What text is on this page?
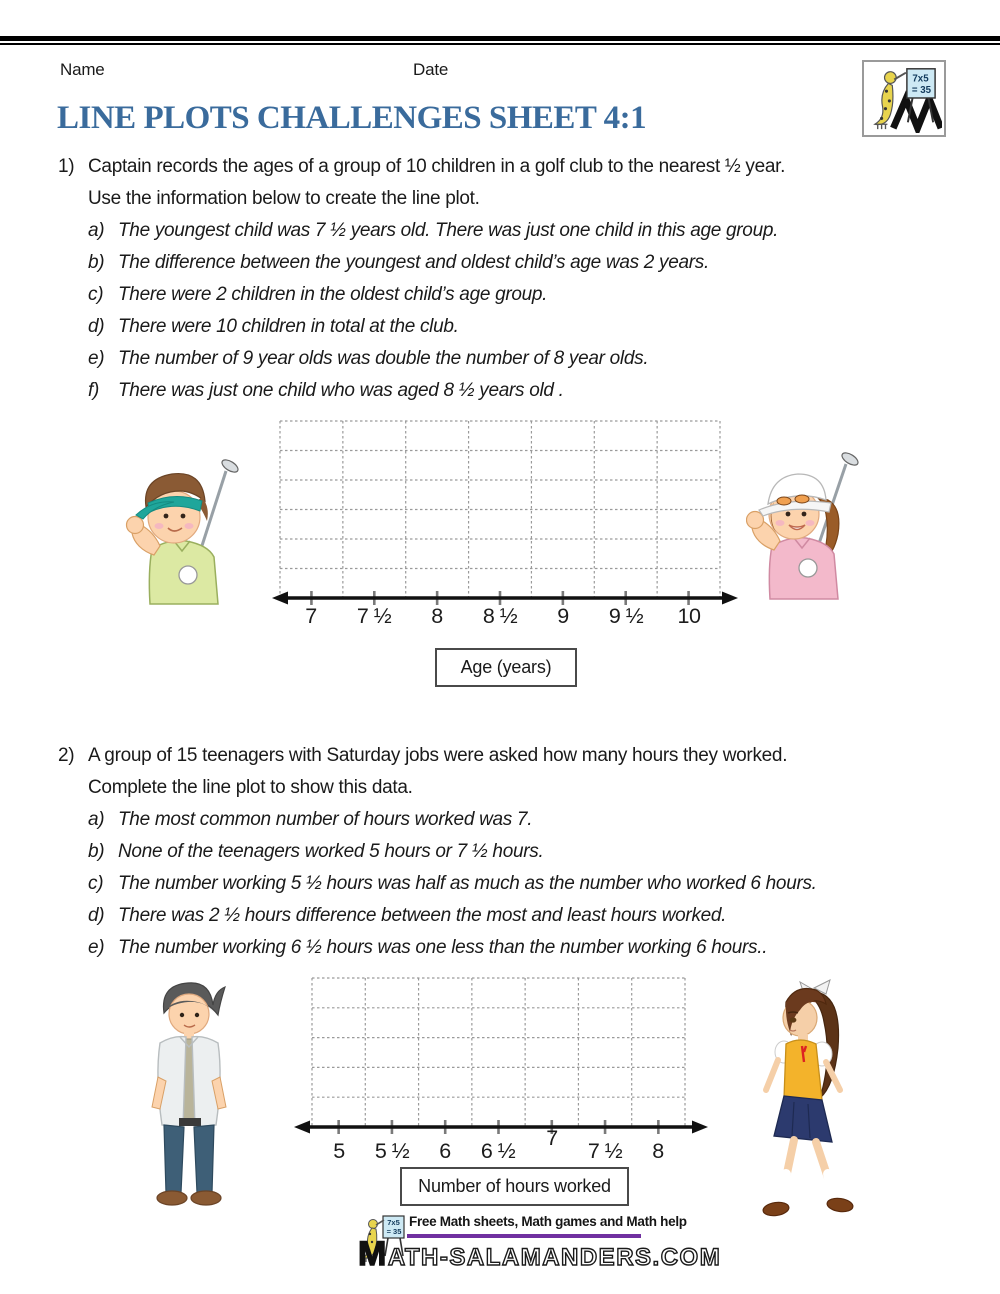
Name	Date	7x5
= 35
LINE PLOTS CHALLENGES SHEET 4:1
1) Captain records the ages of a group of 10 children in a golf club to the nearest ½ year.
Use the information below to create the line plot.
a) The youngest child was 7 ½ years old. There was just one child in this age group.
b) The difference between the youngest and oldest child’s age was 2 years.
c) There were 2 children in the oldest child’s age group.
d) There were 10 children in total at the club.
e) The number of 9 year olds was double the number of 8 year olds.
f) There was just one child who was aged 8 ½ years old .
7	7 ½	8	8 ½	9	9 ½	10
Age (years)
2) A group of 15 teenagers with Saturday jobs were asked how many hours they worked.
Complete the line plot to show this data.
a) The most common number of hours worked was 7.
b) None of the teenagers worked 5 hours or 7 ½ hours.
c) The number working 5 ½ hours was half as much as the number who worked 6 hours.
d) There was 2 ½ hours difference between the most and least hours worked.
e) The number working 6 ½ hours was one less than the number working 6 hours..
5	5 ½	6	6 ½
7
7 ½	8
Number of hours worked
7x5
= 35
Free Math sheets, Math games and Math help
MATH-SALAMANDERS.COM
